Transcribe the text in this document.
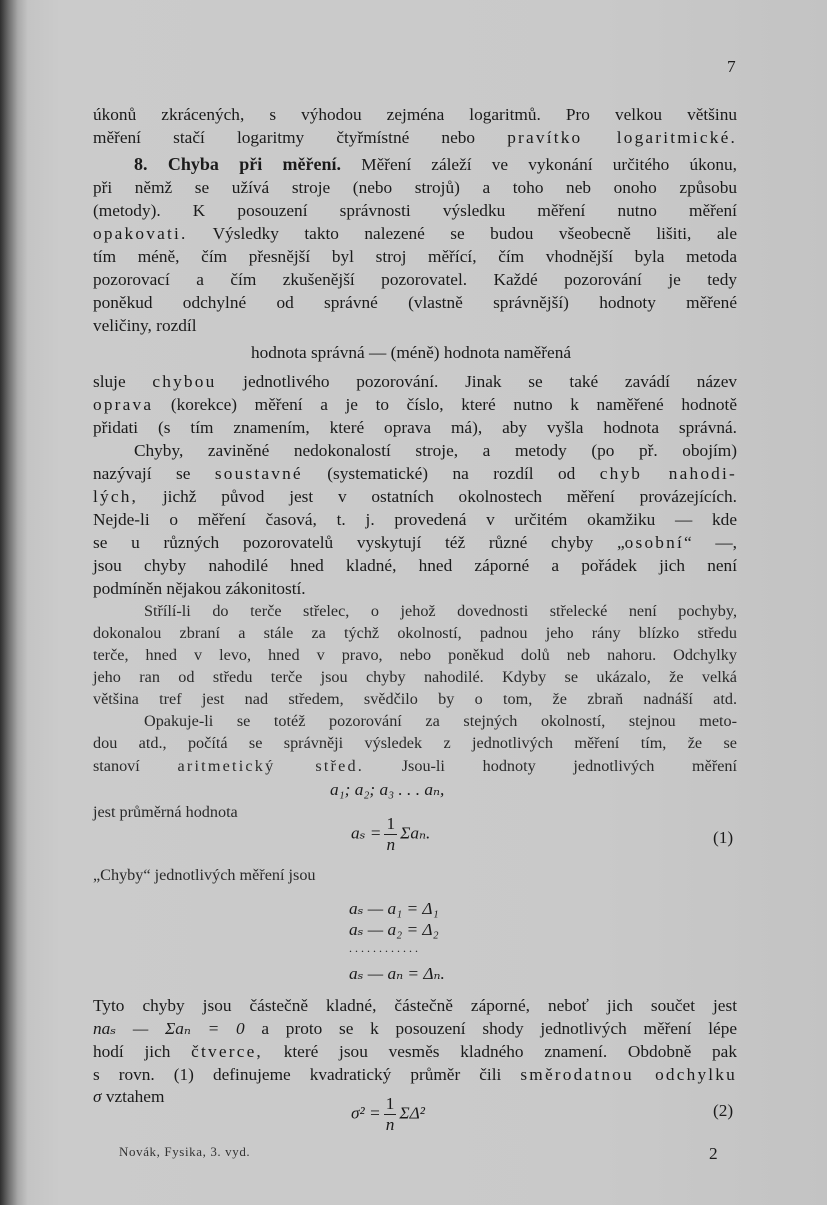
7
úkonů zkrácených, s výhodou zejména logaritmů. Pro velkou většinu
měření stačí logaritmy čtyřmístné nebo pravítko logaritmické.
8. Chyba při měření. Měření záleží ve vykonání určitého úkonu,
při němž se užívá stroje (nebo strojů) a toho neb onoho způsobu
(metody). K posouzení správnosti výsledku měření nutno měření
opakovati. Výsledky takto nalezené se budou všeobecně lišiti, ale
tím méně, čím přesnější byl stroj měřící, čím vhodnější byla metoda
pozorovací a čím zkušenější pozorovatel. Každé pozorování je tedy
poněkud odchylné od správné (vlastně správnější) hodnoty měřené
veličiny, rozdíl
hodnota správná — (méně) hodnota naměřená
sluje chybou jednotlivého pozorování. Jinak se také zavádí název
oprava (korekce) měření a je to číslo, které nutno k naměřené hodnotě
přidati (s tím znamením, které oprava má), aby vyšla hodnota správná.
Chyby, zaviněné nedokonalostí stroje, a metody (po př. obojím)
nazývají se soustavné (systematické) na rozdíl od chyb nahodi-
lých, jichž původ jest v ostatních okolnostech měření provázejících.
Nejde-li o měření časová, t. j. provedená v určitém okamžiku — kde
se u různých pozorovatelů vyskytují též různé chyby „osobní“ —,
jsou chyby nahodilé hned kladné, hned záporné a pořádek jich není
podmíněn nějakou zákonitostí.
Střílí-li do terče střelec, o jehož dovednosti střelecké není pochyby,
dokonalou zbraní a stále za týchž okolností, padnou jeho rány blízko středu
terče, hned v levo, hned v pravo, nebo poněkud dolů neb nahoru. Odchylky
jeho ran od středu terče jsou chyby nahodilé. Kdyby se ukázalo, že velká
většina tref jest nad středem, svědčilo by o tom, že zbraň nadnáší atd.
Opakuje-li se totéž pozorování za stejných okolností, stejnou meto-
dou atd., počítá se správněji výsledek z jednotlivých měření tím, že se
stanoví aritmetický střed. Jsou-li hodnoty jednotlivých měření
jest průměrná hodnota
„Chyby“ jednotlivých měření jsou
Tyto chyby jsou částečně kladné, částečně záporné, neboť jich součet jest
naₛ — Σaₙ = 0 a proto se k posouzení shody jednotlivých měření lépe
hodí jich čtverce, které jsou vesměs kladného znamení. Obdobně pak
s rovn. (1) definujeme kvadratický průměr čili směrodatnou odchylku
σ vztahem
a₁; a₂; a₃ . . . aₙ,
$a_s = \frac{1}{n} \Sigma a_n$.	(1)
aₛ — a₁ = Δ₁
aₛ — a₂ = Δ₂
. . . . . . . . . . . .
aₛ — aₙ = Δₙ.
$\sigma^2 = \frac{1}{n} \Sigma\Delta^2$	(2)
Novák, Fysika, 3. vyd.	2
